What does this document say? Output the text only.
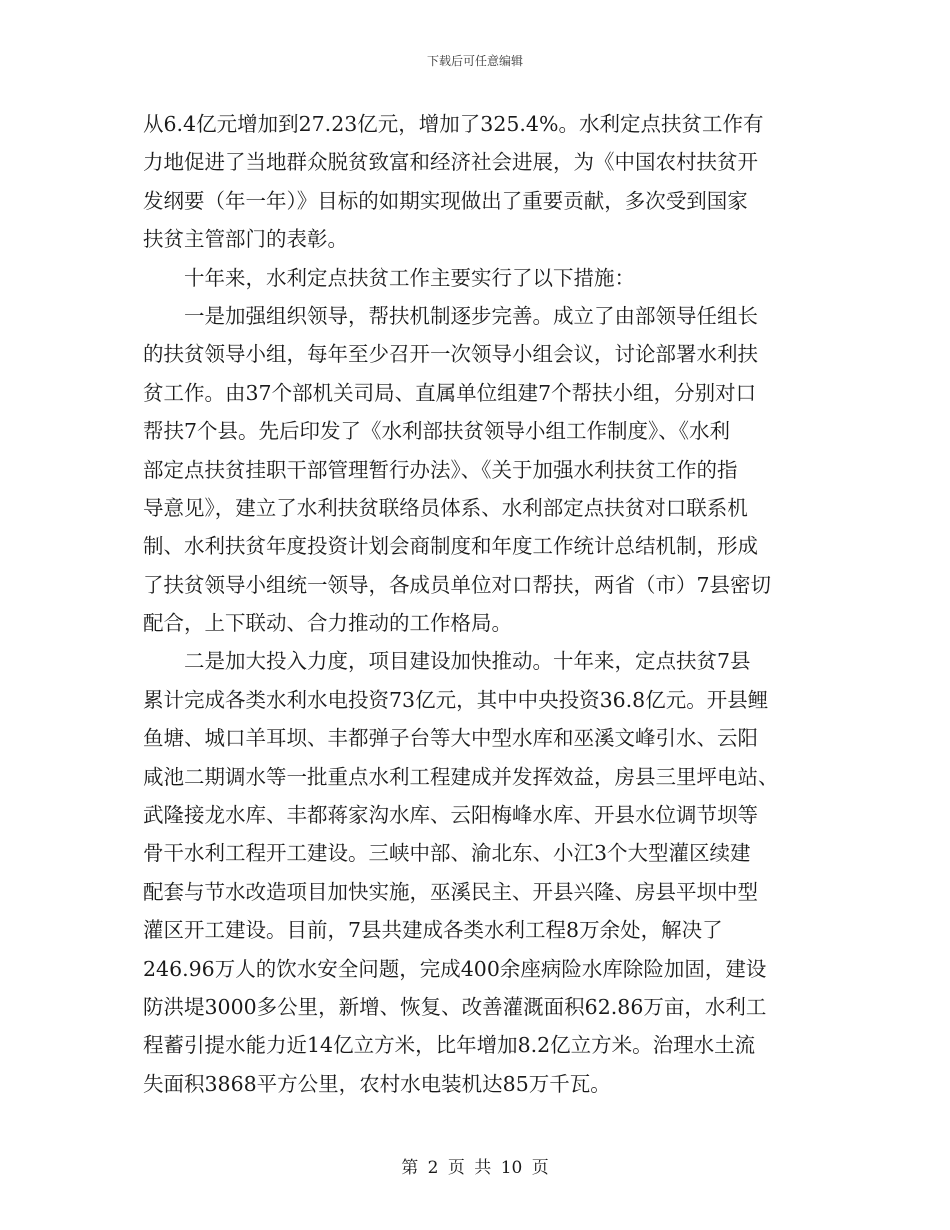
下载后可任意编辑
从6.4亿元增加到27.23亿元，增加了325.4%。水利定点扶贫工作有
力地促进了当地群众脱贫致富和经济社会进展，为《中国农村扶贫开
发纲要（年一年）》目标的如期实现做出了重要贡献，多次受到国家
扶贫主管部门的表彰。
　　十年来，水利定点扶贫工作主要实行了以下措施：
　　一是加强组织领导，帮扶机制逐步完善。成立了由部领导任组长
的扶贫领导小组，每年至少召开一次领导小组会议，讨论部署水利扶
贫工作。由37个部机关司局、直属单位组建7个帮扶小组，分别对口
帮扶7个县。先后印发了《水利部扶贫领导小组工作制度》、《水利
部定点扶贫挂职干部管理暂行办法》、《关于加强水利扶贫工作的指
导意见》，建立了水利扶贫联络员体系、水利部定点扶贫对口联系机
制、水利扶贫年度投资计划会商制度和年度工作统计总结机制，形成
了扶贫领导小组统一领导，各成员单位对口帮扶，两省（市）7县密切
配合，上下联动、合力推动的工作格局。
　　二是加大投入力度，项目建设加快推动。十年来，定点扶贫7县
累计完成各类水利水电投资73亿元，其中中央投资36.8亿元。开县鲤
鱼塘、城口羊耳坝、丰都弹子台等大中型水库和巫溪文峰引水、云阳
咸池二期调水等一批重点水利工程建成并发挥效益，房县三里坪电站、
武隆接龙水库、丰都蒋家沟水库、云阳梅峰水库、开县水位调节坝等
骨干水利工程开工建设。三峡中部、渝北东、小江3个大型灌区续建
配套与节水改造项目加快实施，巫溪民主、开县兴隆、房县平坝中型
灌区开工建设。目前，7县共建成各类水利工程8万余处，解决了
246.96万人的饮水安全问题，完成400余座病险水库除险加固，建设
防洪堤3000多公里，新增、恢复、改善灌溉面积62.86万亩，水利工
程蓄引提水能力近14亿立方米，比年增加8.2亿立方米。治理水土流
失面积3868平方公里，农村水电装机达85万千瓦。
第 2 页 共 10 页
